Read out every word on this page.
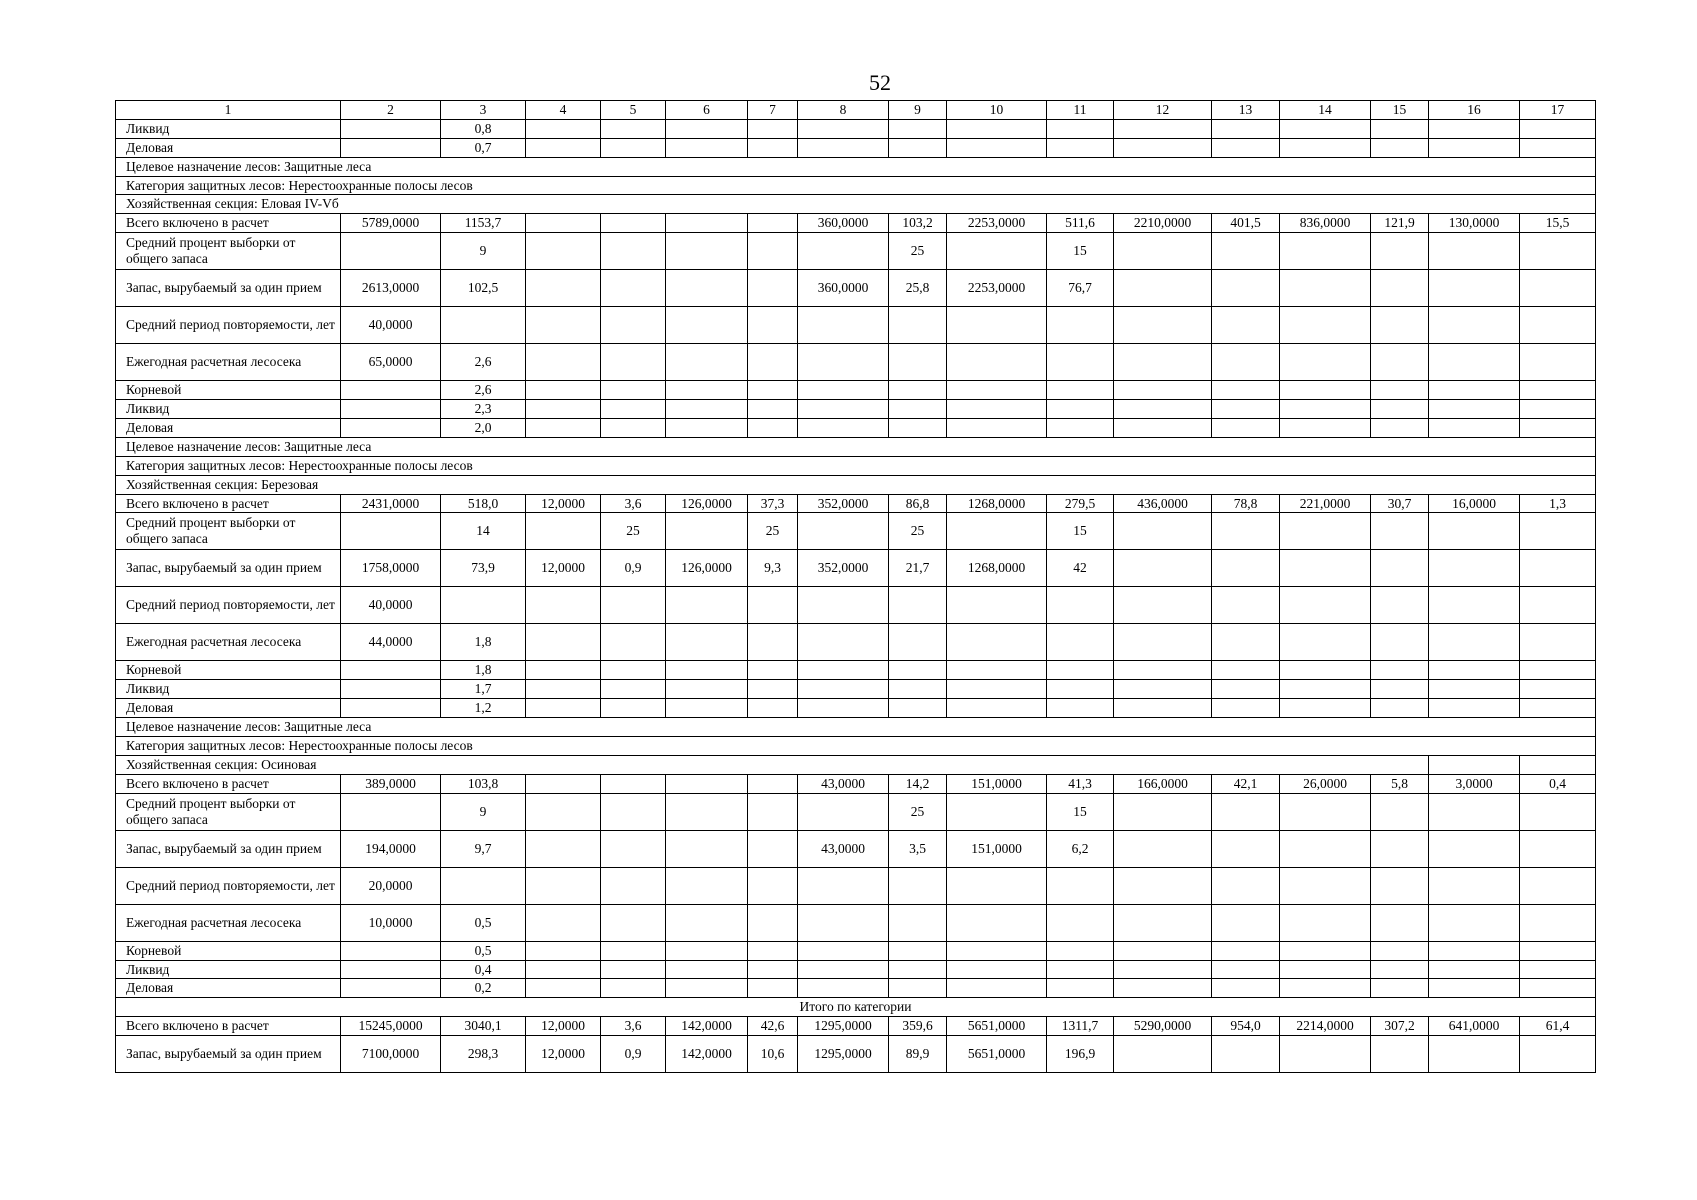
52
1	2	3	4	5	6	7	8	9	10	11	12	13	14	15	16	17
Ликвид		0,8														
Деловая		0,7														
Целевое назначение лесов: Защитные леса																
Категория защитных лесов: Нерестоохранные полосы лесов																
Хозяйственная секция: Еловая IV-Vб																
Всего включено в расчет	5789,0000	1153,7					360,0000	103,2	2253,0000	511,6	2210,0000	401,5	836,0000	121,9	130,0000	15,5
Средний процент выборки от общего запаса		9						25		15						
Запас, вырубаемый за один прием	2613,0000	102,5					360,0000	25,8	2253,0000	76,7						
Средний период повторяемости, лет	40,0000															
Ежегодная расчетная лесосека	65,0000	2,6														
Корневой		2,6														
Ликвид		2,3														
Деловая		2,0														
Целевое назначение лесов: Защитные леса																
Категория защитных лесов: Нерестоохранные полосы лесов																
Хозяйственная секция: Березовая																
Всего включено в расчет	2431,0000	518,0	12,0000	3,6	126,0000	37,3	352,0000	86,8	1268,0000	279,5	436,0000	78,8	221,0000	30,7	16,0000	1,3
Средний процент выборки от общего запаса		14		25		25		25		15						
Запас, вырубаемый за один прием	1758,0000	73,9	12,0000	0,9	126,0000	9,3	352,0000	21,7	1268,0000	42						
Средний период повторяемости, лет	40,0000															
Ежегодная расчетная лесосека	44,0000	1,8														
Корневой		1,8														
Ликвид		1,7														
Деловая		1,2														
Целевое назначение лесов: Защитные леса																
Категория защитных лесов: Нерестоохранные полосы лесов																
Хозяйственная секция: Осиновая																
Всего включено в расчет	389,0000	103,8					43,0000	14,2	151,0000	41,3	166,0000	42,1	26,0000	5,8	3,0000	0,4
Средний процент выборки от общего запаса		9						25		15						
Запас, вырубаемый за один прием	194,0000	9,7					43,0000	3,5	151,0000	6,2						
Средний период повторяемости, лет	20,0000															
Ежегодная расчетная лесосека	10,0000	0,5														
Корневой		0,5														
Ликвид		0,4														
Деловая		0,2														
Итого по категории																
Всего включено в расчет	15245,0000	3040,1	12,0000	3,6	142,0000	42,6	1295,0000	359,6	5651,0000	1311,7	5290,0000	954,0	2214,0000	307,2	641,0000	61,4
Запас, вырубаемый за один прием	7100,0000	298,3	12,0000	0,9	142,0000	10,6	1295,0000	89,9	5651,0000	196,9						
